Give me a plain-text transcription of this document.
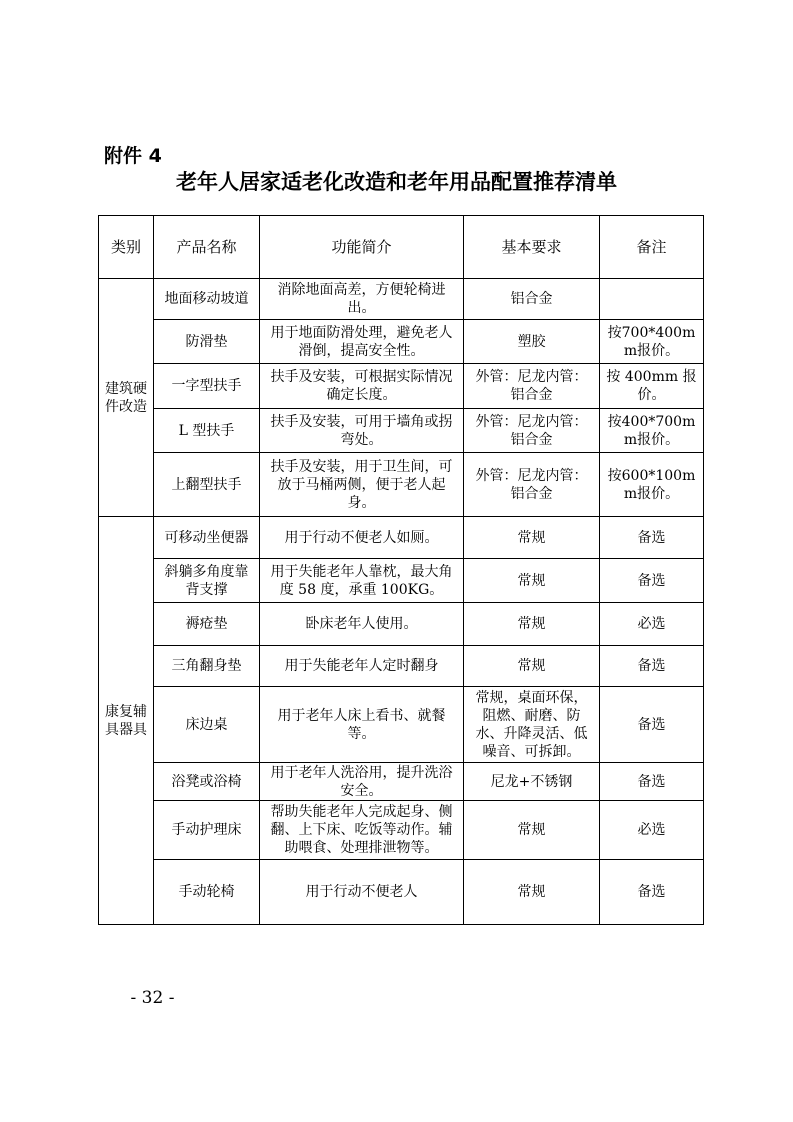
附件 4
老年人居家适老化改造和老年用品配置推荐清单
类别	产品名称	功能简介	基本要求	备注
建筑硬件改造	地面移动坡道	消除地面高差，方便轮椅进出。	铝合金	
	防滑垫	用于地面防滑处理，避免老人滑倒，提高安全性。	塑胶	按700*400mm报价。
	一字型扶手	扶手及安装，可根据实际情况确定长度。	外管：尼龙内管：铝合金	按 400mm 报价。
	L 型扶手	扶手及安装，可用于墙角或拐弯处。	外管：尼龙内管：铝合金	按400*700mm报价。
	上翻型扶手	扶手及安装，用于卫生间，可放于马桶两侧，便于老人起身。	外管：尼龙内管：铝合金	按600*100mm报价。
康复辅具器具	可移动坐便器	用于行动不便老人如厕。	常规	备选
	斜躺多角度靠背支撑	用于失能老年人靠枕，最大角度 58 度，承重 100KG。	常规	备选
	褥疮垫	卧床老年人使用。	常规	必选
	三角翻身垫	用于失能老年人定时翻身	常规	备选
	床边桌	用于老年人床上看书、就餐等。	常规，桌面环保，阻燃、耐磨、防水、升降灵活、低噪音、可拆卸。	备选
	浴凳或浴椅	用于老年人洗浴用，提升洗浴安全。	尼龙+不锈钢	备选
	手动护理床	帮助失能老年人完成起身、侧翻、上下床、吃饭等动作。辅助喂食、处理排泄物等。	常规	必选
	手动轮椅	用于行动不便老人	常规	备选
- 32 -
